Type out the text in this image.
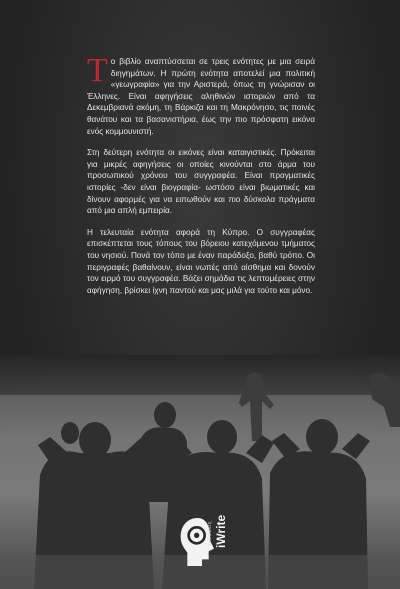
Το βιβλίο αναπτύσσεται σε τρεις ενότητες με μια σειρά διηγημάτων. Η πρώτη ενότητα αποτελεί μια πολιτική «γεωγραφία» για την Αριστερά, όπως τη γνώρισαν οι Έλληνες. Είναι αφηγήσεις αληθινών ιστοριών από τα Δεκεμβριανά ακόμη, τη Βάρκιζα και τη Μακρόνησο, τις ποινές θανάτου και τα βασανιστήρια, έως την πιο πρόσφατη εικόνα ενός κομμουνιστή.

Στη δεύτερη ενότητα οι εικόνες είναι καταιγιστικές. Πρόκειται για μικρές αφηγήσεις οι οποίες κινούνται στο άρμα του προσωπικού χρόνου του συγγραφέα. Είναι πραγματικές ιστορίες -δεν είναι βιογραφία- ωστόσο είναι βιωματικές και δίνουν αφορμές για να ειπωθούν και πιο δύσκολα πράγματα από μια απλή εμπειρία.

Η τελευταία ενότητα αφορά τη Κύπρο. Ο συγγραφέας επισκέπτεται τους τόπους του βόρειου κατεχόμενου τμήματος του νησιού. Πονά τον τόπο με έναν παράδοξο, βαθύ τρόπο. Οι περιγραφές βαθαίνουν, είναι νωπές από αίσθημα και δονούν τον ειρμό του συγγραφέα. Βάζει σημάδια τις λεπτομέρειες στην αφήγηση, βρίσκει ίχνη παντού και μας μιλά για τούτο και μόνο.

εκδόσεις iWrite
